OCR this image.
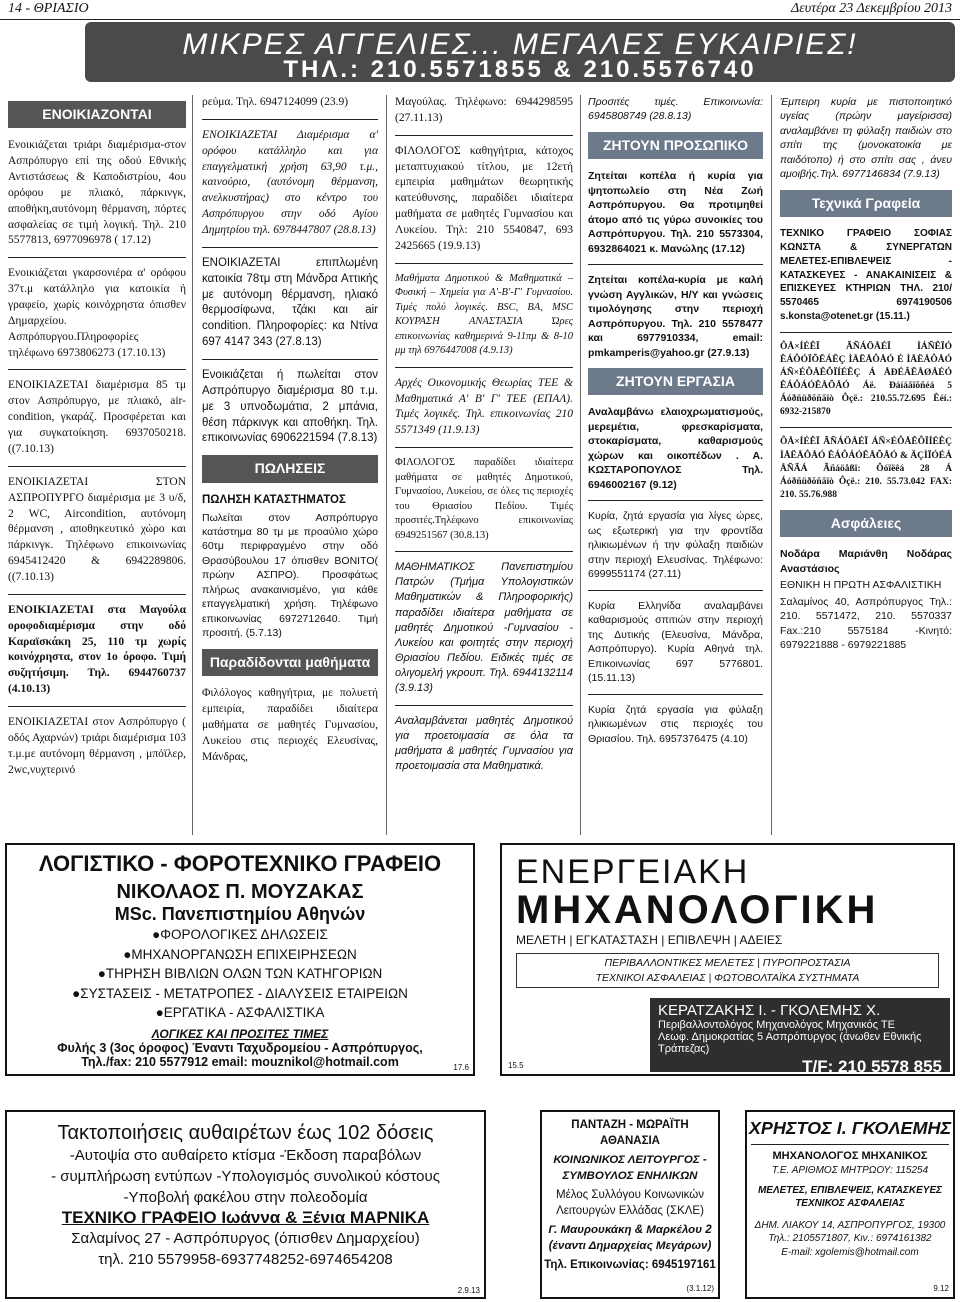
14 - ΘΡΙΑΣΙΟ	Δευτέρα 23 Δεκεμβρίου 2013
ΜΙΚΡΕΣ ΑΓΓΕΛΙΕΣ... ΜΕΓΑΛΕΣ ΕΥΚΑΙΡΙΕΣ!
ΤΗΛ.: 210.5571855 & 210.5576740
ΕΝΟΙΚΙΑΖΟΝΤΑΙ

Ενοικιάζεται τριάρι διαμέρισμα-στον Ασπρόπυργο επί της οδού Εθνικής Αντιστάσεως & Καποδιστρίου, 4ου ορόφου με πλιακό, πάρκινγκ, αποθήκη,αυτόνομη θέρμανση, πόρτες ασφαλείας σε τιμή λογική. Τηλ. 210 5577813, 6977096978 ( 17.12)

Ενοικιάζεται γκαρσονιέρα α' ορόφου 37τ.μ κατάλληλο για κατοικία ή γραφείο, χωρίς κοινόχρηστα όπισθεν Δημαρχείου. Ασπρόπυργου.Πληροφορίες τηλέφωνο 6973806273 (17.10.13)

ΕΝΟΙΚΙΑΖΕΤΑΙ διαμέρισμα 85 τμ στον Ασπρόπυργο, με πλιακό, air-condition, γκαράζ. Προσφέρεται και για συγκατοίκηση. 6937050218. ((7.10.13)

ΕΝΟΙΚΙΑΖΕΤΑΙ ΣΤΟΝ ΑΣΠΡΟΠΥΡΓΟ διαμέρισμα με 3 υ/δ, 2 WC, Aircondition, αυτόνομη θέρμανση , αποθηκευτικό χώρο και πάρκινγκ. Τηλέφωνο επικοινωνίας 6945412420 & 6942289806. ((7.10.13)

ΕΝΟΙΚΙΑΖΕΤΑΙ στα Μαγούλα οροφοδιαμέρισμα στην οδό Καραϊσκάκη 25, 110 τμ χωρίς κοινόχρηστα, στον 1ο όροφο. Τιμή συζητήσιμη. Τηλ. 6944760737 (4.10.13)

ΕΝΟΙΚΙΑΖΕΤΑΙ στον Ασπρόπυργο ( οδός Αχαρνών) τριάρι διαμέρισμα 103 τ.μ.με αυτόνομη θέρμανση , μπόϊλερ, 2wc,νυχτερινό

ρεύμα. Τηλ. 6947124099 (23.9)

ΕΝΟΙΚΙΑΖΕΤΑΙ Διαμέρισμα α' ορόφου κατάλληλο και για επαγγελματική χρήση 63,90 τ.μ., καινούριο, (αυτόνομη θέρμανση, ανελκυστήρας) στο κέντρο του Ασπρόπυργου στην οδό Αγίου Δημητρίου τηλ. 6978447807 (28.8.13)

ΕΝΟΙΚΙΑΖΕΤΑΙ επιπλωμένη κατοικία 78τμ στη Μάνδρα Αττικής με αυτόνομη θέρμανση, ηλιακό θερμοσίφωνα, τζάκι και air condition. Πληροφορίες: κα Ντίνα 697 4147 343 (27.8.13)

Ενοικιάζεται ή πωλείται στον Ασπρόπυργο διαμέρισμα 80 τ.μ. με 3 υπνοδωμάτια, 2 μπάνια, θέση πάρκινγκ και αποθήκη. Τηλ. επικοινωνίας 6906221594 (7.8.13)

ΠΩΛΗΣΕΙΣ

ΠΩΛΗΣΗ ΚΑΤΑΣΤΗΜΑΤΟΣ

Πωλείται στον Ασπρόπυργο κατάστημα 80 τμ με προαύλιο χώρο 60τμ περιφραγμένο στην οδό Θρασύβουλου 17 όπισθεν ΒΟΝΙΤΟ( πρώην ΑΣΠΡΟ). Προσφάτως πλήρως ανακαινισμένο, για κάθε επαγγελματική χρήση. Τηλέφωνο επικοινωνίας 6972712640. Τιμή προσιτή. (5.7.13)

Παραδίδονται μαθήματα

Φιλόλογος καθηγήτρια, με πολυετή εμπειρία, παραδίδει ιδιαίτερα μαθήματα σε μαθητές Γυμνασίου, Λυκείου στις περιοχές Ελευσίνας, Μάνδρας,

Μαγούλας. Τηλέφωνο: 6944298595 (27.11.13)

ΦΙΛΟΛΟΓΟΣ καθηγήτρια, κάτοχος μεταπτυχιακού τίτλου, με 12ετή εμπειρία μαθημάτων θεωρητικής κατεύθυνσης, παραδίδει ιδιαίτερα μαθήματα σε μαθητές Γυμνασίου και Λυκείου. Τηλ: 210 5540847, 693 2425665 (19.9.13)

Μαθήματα Δημοτικού & Μαθηματικά – Φυσική – Χημεία για Α'-Β'-Γ' Γυμνασίου. Τιμές πολύ λογικές. BSC, BA, MSC ΚΟΥΡΑΣΗ ΑΝΑΣΤΑΣΙΑ Ώρες επικοινωνίας καθημερινά 9-11πμ & 8-10 μμ τηλ 6976447008 (4.9.13)

Αρχές Οικονομικής Θεωρίας ΤΕΕ & Μαθηματικά Α' Β' Γ' ΤΕΕ (ΕΠΑΛ). Τιμές λογικές. Τηλ. επικοινωνίας 210 5571349 (11.9.13)

ΦΙΛΟΛΟΓΟΣ παραδίδει ιδιαίτερα μαθήματα σε μαθητές Δημοτικού, Γυμνασίου, Λυκείου, σε όλες τις περιοχές του Θριασίου Πεδίου. Τιμές προσιτές.Τηλέφωνο επικοινωνίας 6949251567 (30.8.13)

ΜΑΘΗΜΑΤΙΚΟΣ Πανεπιστημίου Πατρών (Τμήμα Υπολογιστικών Μαθηματικών & Πληροφορικής) παραδίδει ιδιαίτερα μαθήματα σε μαθητές Δημοτικού -Γυμνασίου - Λυκείου και φοιτητές στην περιοχή Θριασίου Πεδίου. Ειδικές τιμές σε ολιγομελή γκρουπ. Τηλ. 6944132114 (3.9.13)

Αναλαμβάνεται μαθητές Δημοτικού για προετοιμασία σε όλα τα μαθήματα & μαθητές Γυμνασίου για προετοιμασία στα Μαθηματικά.

Προσιτές τιμές. Επικοινωνία: 6945808749 (28.8.13)

ΖΗΤΟΥΝ ΠΡΟΣΩΠΙΚΟ

Ζητείται κοπέλα ή κυρία για ψητοπωλείο στη Νέα Ζωή Ασπρόπυργου. Θα προτιμηθεί άτομο από τις γύρω συνοικίες του Ασπρόπυργου. Τηλ. 210 5573304, 6932864021 κ. Μανώλης (17.12)

Ζητείται κοπέλα-κυρία με καλή γνώση Αγγλικών, Η/Υ και γνώσεις τιμολόγησης στην περιοχή Ασπρόπυργου. Τηλ. 210 5578477 και 6977910334, email: pmkamperis@yahoo.gr (27.9.13)

ΖΗΤΟΥΝ ΕΡΓΑΣΙΑ

Αναλαμβάνω ελαιοχρωματισμούς, μερεμέτια, φρεσκαρίσματα, στοκαρίσματα, καθαρισμούς χώρων και οικοπέδων . Α. ΚΩΣΤΑΡΟΠΟΥΛΟΣ Τηλ. 6946002167 (9.12)

Κυρία, ζητά εργασία για λίγες ώρες, ως εξωτερική για την φροντίδα ηλικιωμένων ή την φύλαξη παιδιών στην περιοχή Ελευσίνας. Τηλέφωνο: 6999551174 (27.11)

Κυρία Ελληνίδα αναλαμβάνει καθαρισμούς σπιτιών στην περιοχή της Δυτικής (Ελευσίνα, Μάνδρα, Ασπρόπυργο). Κυρία Αθηνά τηλ. Επικοινωνίας 697 5776801. (15.11.13)

Κυρία ζητά εργασία για φύλαξη ηλικιωμένων στις περιοχές του Θριασίου. Τηλ. 6957376475 (4.10)

Έμπειρη κυρία με πιστοποιητικό υγείας (πρώην μαγείρισσα) αναλαμβάνει τη φύλαξη παιδιών στο σπίτι της (μονοκατοικία με παιδότοπο) ή στο σπίτι σας , άνευ αμοιβής.Τηλ. 6977146834 (7.9.13)

Τεχνικά Γραφεία

ΤΕΧΝΙΚΟ ΓΡΑΦΕΙΟ ΣΟΦΙΑΣ ΚΩΝΣΤΑ & ΣΥΝΕΡΓΑΤΩΝ ΜΕΛΕΤΕΣ-ΕΠΙΒΛΕΨΕΙΣ - ΚΑΤΑΣΚΕΥΕΣ - ΑΝΑΚΑΙΝΙΣΕΙΣ & ΕΠΙΣΚΕΥΕΣ ΚΤΗΡΙΩΝ ΤΗΛ. 210/ 5570465 6974190506 s.konsta@otenet.gr (15.11.)

ÔÅ×ÍÉÊÏ ÃÑÁÖÅÉÏ ÌÁÑÊÏÓ ÊÁÔÓÏÕËÁÊÇ ÌÅËÅÔÅÓ É ÌÅËÅÔÅÓ ÁÑ×ÉÔÅÊÔÏÍÉÊÇ Á ÅÐÉÂËÅØÅÉÓ ÊÁÔÁÓÊÅÕÅÓ Áë. Ðáíáãïõñéá 5 Áóðñüðõñãïò Ôçë.: 210.55.72.695 Êéí.: 6932-215870

ÔÅ×ÍÉÊÏ ÃÑÁÖÅÉÏ ÁÑ×ÉÔÅÊÔÏÍÉÊÇ ÌÅËÅÔÅÓ ÊÁÔÁÓÊÅÕÅÓ & ÄÇÌÏÓÉÁ ÅÑÃÁ Ãñáöåßï: Ôóïëêá 28 Á Áóðñüðõñãïò Ôçë.: 210. 55.73.042 FAX: 210. 55.76.988

Ασφάλειες

Νοδάρα Μαριάνθη Νοδάρας Αναστάσιος

ΕΘΝΙΚΗ Η ΠΡΩΤΗ ΑΣΦΑΛΙΣΤΙΚΗ

Σαλαμίνος 40, Ασπρόπυργος Τηλ.: 210. 5571472, 210. 5570337 Fax.:210 5575184 -Κινητό: 6979221888 - 6979221885

ΛΟΓΙΣΤΙΚΟ - ΦΟΡΟΤΕΧΝΙΚΟ ΓΡΑΦΕΙΟ
ΝΙΚΟΛΑΟΣ Π. ΜΟΥΖΑΚΑΣ
MSc. Πανεπιστημίου Αθηνών
●ΦΟΡΟΛΟΓΙΚΕΣ ΔΗΛΩΣΕΙΣ
●ΜΗΧΑΝΟΡΓΑΝΩΣΗ ΕΠΙΧΕΙΡΗΣΕΩΝ
●ΤΗΡΗΣΗ ΒΙΒΛΙΩΝ ΟΛΩΝ ΤΩΝ ΚΑΤΗΓΟΡΙΩΝ
●ΣΥΣΤΑΣΕΙΣ - ΜΕΤΑΤΡΟΠΕΣ - ΔΙΑΛΥΣΕΙΣ ΕΤΑΙΡΕΙΩΝ
●ΕΡΓΑΤΙΚΑ - ΑΣΦΑΛΙΣΤΙΚΑ
ΛΟΓΙΚΕΣ ΚΑΙ ΠΡΟΣΙΤΕΣ ΤΙΜΕΣ
Φυλής 3 (3ος όροφος) Έναντι Ταχυδρομείου - Ασπρόπυργος,
Τηλ./fax: 210 5577912 email: mouznikol@hotmail.com	17.6
ΕΝΕΡΓΕΙΑΚΗ
ΜΗΧΑΝΟΛΟΓΙΚΗ
ΜΕΛΕΤΗ | ΕΓΚΑΤΑΣΤΑΣΗ | ΕΠΙΒΛΕΨΗ | ΑΔΕΙΕΣ
ΠΕΡΙΒΑΛΛΟΝΤΙΚΕΣ ΜΕΛΕΤΕΣ | ΠΥΡΟΠΡΟΣΤΑΣΙΑ
ΤΕΧΝΙΚΟΙ ΑΣΦΑΛΕΙΑΣ | ΦΩΤΟΒΟΛΤΑΪΚΑ ΣΥΣΤΗΜΑΤΑ
ΚΕΡΑΤΖΑΚΗΣ Ι. - ΓΚΟΛΕΜΗΣ Χ.
Περιβαλλοντολόγος Μηχανολόγος Μηχανικός ΤΕ
Λεωφ. Δημοκρατίας 5 Ασπρόπυργος (άνωθεν Εθνικής Τράπεζας)
T/F: 210 5578 855
15.5
Τακτοποιήσεις αυθαιρέτων έως 102 δόσεις
-Αυτοψία στο αυθαίρετο κτίσμα -Έκδοση παραβόλων
- συμπλήρωση εντύπων -Υπολογισμός συνολικού κόστους
-Υποβολή φακέλου στην πολεοδομία
ΤΕΧΝΙΚΟ ΓΡΑΦΕΙΟ Ιωάννα & Ξένια ΜΑΡΝΙΚΑ
Σαλαμίνος 27 - Ασπρόπυργος (όπισθεν Δημαρχείου)
τηλ. 210 5579958-6937748252-6974654208
2.9.13
ΠΑΝΤΑΖΗ - ΜΩΡΑΪΤΗ ΑΘΑΝΑΣΙΑ
ΚΟΙΝΩΝΙΚΟΣ ΛΕΙΤΟΥΡΓΟΣ - ΣΥΜΒΟΥΛΟΣ ΕΝΗΛΙΚΩΝ
Μέλος Συλλόγου Κοινωνικών Λειτουργών Ελλάδας (ΣΚΛΕ)
Γ. Μαυρουκάκη & Μαρκέλου 2 (έναντι Δημαρχείας Μεγάρων)
Τηλ. Επικοινωνίας: 6945197161
(3.1.12)
ΧΡΗΣΤΟΣ Ι. ΓΚΟΛΕΜΗΣ
ΜΗΧΑΝΟΛΟΓΟΣ ΜΗΧΑΝΙΚΟΣ
Τ.Ε. ΑΡΙΘΜΟΣ ΜΗΤΡΩΟΥ: 115254
ΜΕΛΕΤΕΣ, ΕΠΙΒΛΕΨΕΙΣ, ΚΑΤΑΣΚΕΥΕΣ
ΤΕΧΝΙΚΟΣ ΑΣΦΑΛΕΙΑΣ
ΔΗΜ. ΛΙΑΚΟΥ 14, ΑΣΠΡΟΠΥΡΓΟΣ, 19300
Τηλ.: 2105571807, Κιν.: 6974161382
E-mail: xgolemis@hotmail.com
9.12
